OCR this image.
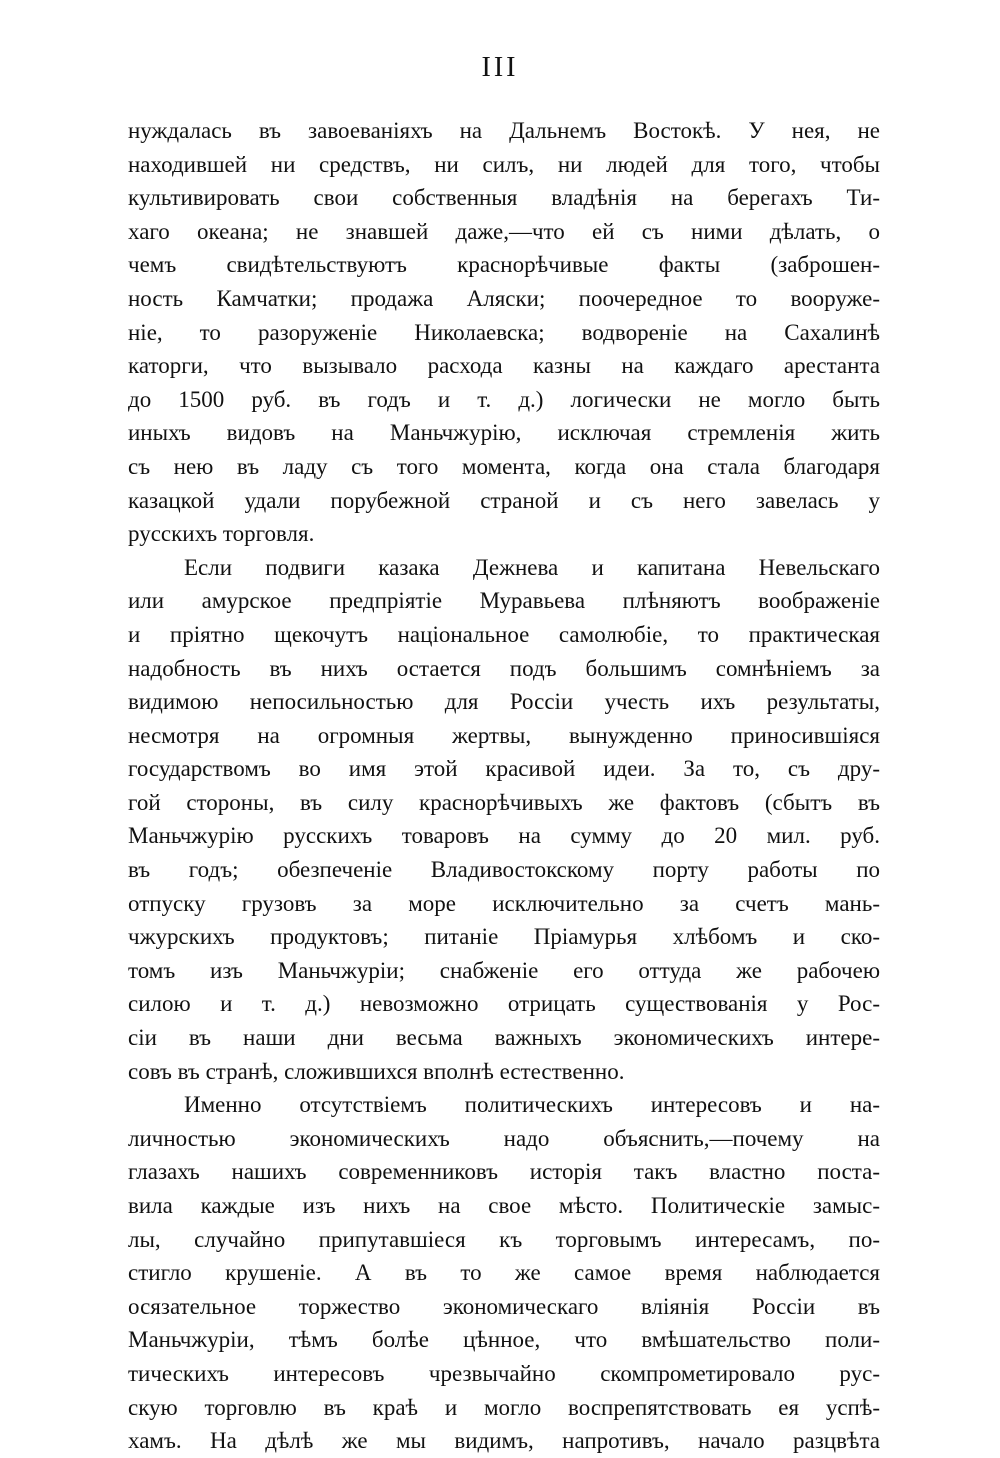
III
нуждалась въ завоеваніяхъ на Дальнемъ Востокѣ. У нея, не
находившей ни средствъ, ни силъ, ни людей для того, чтобы
культивировать свои собственныя владѣнія на берегахъ Ти-
хаго океана; не знавшей даже,—что ей съ ними дѣлать, о
чемъ свидѣтельствуютъ краснорѣчивые факты (заброшен-
ность Камчатки; продажа Аляски; поочередное то вооруже-
ніе, то разоруженіе Николаевска; водвореніе на Сахалинѣ
каторги, что вызывало расхода казны на каждаго арестанта
до 1500 руб. въ годъ и т. д.) логически не могло быть
иныхъ видовъ на Маньчжурію, исключая стремленія жить
съ нею въ ладу съ того момента, когда она стала благодаря
казацкой удали порубежной страной и съ него завелась у
русскихъ торговля.
Если подвиги казака Дежнева и капитана Невельскаго
или амурское предпріятіе Муравьева плѣняютъ воображеніе
и пріятно щекочутъ національное самолюбіе, то практическая
надобность въ нихъ остается подъ большимъ сомнѣніемъ за
видимою непосильностью для Россіи учесть ихъ результаты,
несмотря на огромныя жертвы, вынужденно приносившіяся
государствомъ во имя этой красивой идеи. За то, съ дру-
гой стороны, въ силу краснорѣчивыхъ же фактовъ (сбытъ въ
Маньчжурію русскихъ товаровъ на сумму до 20 мил. руб.
въ годъ; обезпеченіе Владивостокскому порту работы по
отпуску грузовъ за море исключительно за счетъ мань-
чжурскихъ продуктовъ; питаніе Пріамурья хлѣбомъ и ско-
томъ изъ Маньчжуріи; снабженіе его оттуда же рабочею
силою и т. д.) невозможно отрицать существованія у Рос-
сіи въ наши дни весьма важныхъ экономическихъ интере-
совъ въ странѣ, сложившихся вполнѣ естественно.
Именно отсутствіемъ политическихъ интересовъ и на-
личностью экономическихъ надо объяснить,—почему на
глазахъ нашихъ современниковъ исторія такъ властно поста-
вила каждые изъ нихъ на свое мѣсто. Политическіе замыс-
лы, случайно припутавшіеся къ торговымъ интересамъ, по-
стигло крушеніе. А въ то же самое время наблюдается
осязательное торжество экономическаго вліянія Россіи въ
Маньчжуріи, тѣмъ болѣе цѣнное, что вмѣшательство поли-
тическихъ интересовъ чрезвычайно скомпрометировало рус-
скую торговлю въ краѣ и могло воспрепятствовать ея успѣ-
хамъ. На дѣлѣ же мы видимъ, напротивъ, начало разцвѣта
